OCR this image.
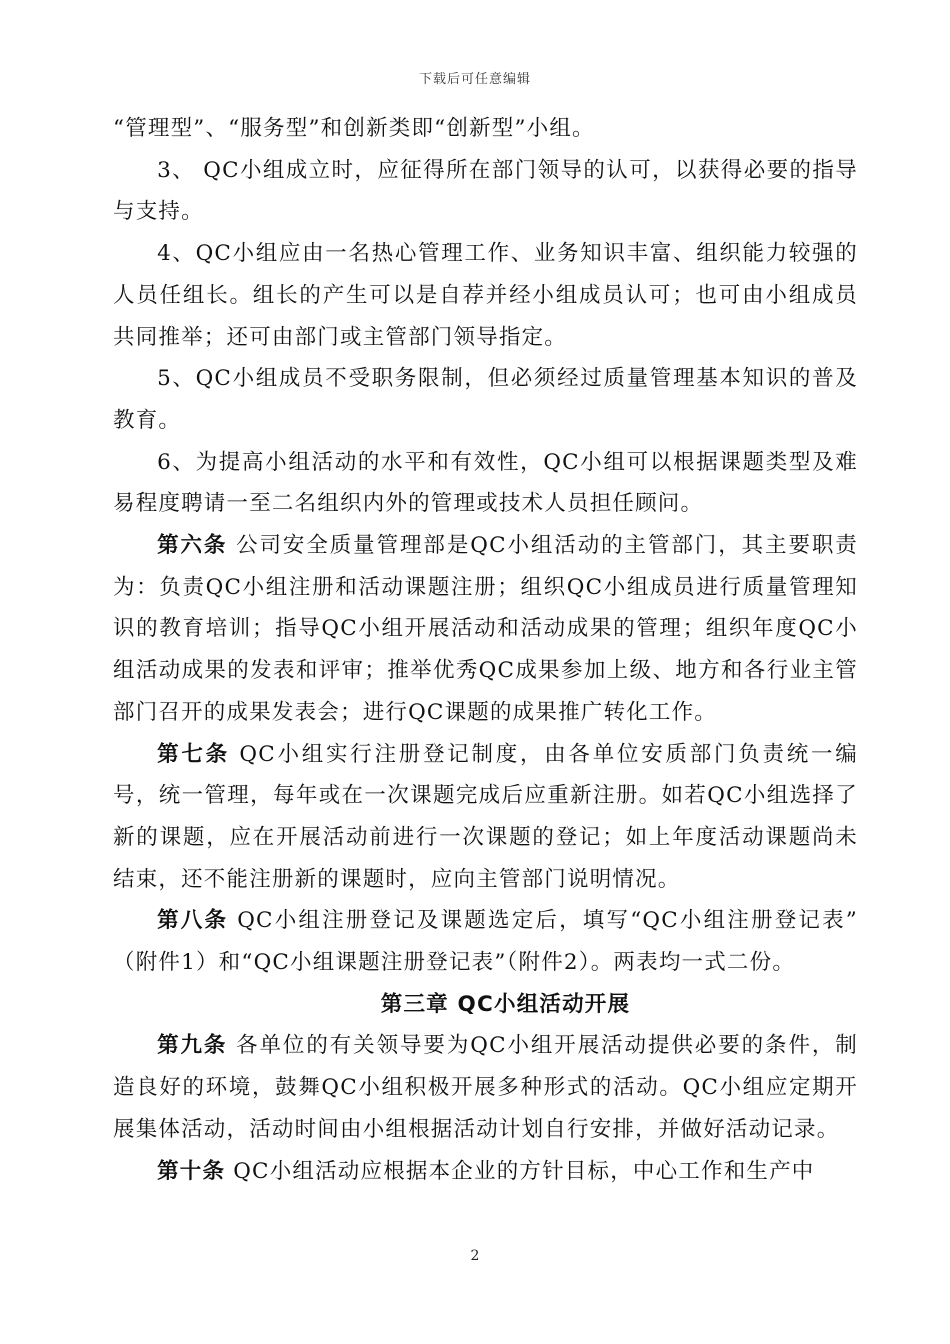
下载后可任意编辑

“管理型”、“服务型”和创新类即“创新型”小组。

3、 QC小组成立时，应征得所在部门领导的认可，以获得必要的指导与支持。

4、QC小组应由一名热心管理工作、业务知识丰富、组织能力较强的人员任组长。组长的产生可以是自荐并经小组成员认可；也可由小组成员共同推举；还可由部门或主管部门领导指定。

5、QC小组成员不受职务限制，但必须经过质量管理基本知识的普及教育。

6、为提高小组活动的水平和有效性，QC小组可以根据课题类型及难易程度聘请一至二名组织内外的管理或技术人员担任顾问。

第六条 公司安全质量管理部是QC小组活动的主管部门，其主要职责为：负责QC小组注册和活动课题注册；组织QC小组成员进行质量管理知识的教育培训；指导QC小组开展活动和活动成果的管理；组织年度QC小组活动成果的发表和评审；推举优秀QC成果参加上级、地方和各行业主管部门召开的成果发表会；进行QC课题的成果推广转化工作。

第七条 QC小组实行注册登记制度，由各单位安质部门负责统一编号，统一管理，每年或在一次课题完成后应重新注册。如若QC小组选择了新的课题，应在开展活动前进行一次课题的登记；如上年度活动课题尚未结束，还不能注册新的课题时，应向主管部门说明情况。

第八条 QC小组注册登记及课题选定后，填写“QC小组注册登记表” （附件1）和“QC小组课题注册登记表”（附件2）。两表均一式二份。

第三章 QC小组活动开展

第九条 各单位的有关领导要为QC小组开展活动提供必要的条件，制造良好的环境，鼓舞QC小组积极开展多种形式的活动。QC小组应定期开展集体活动，活动时间由小组根据活动计划自行安排，并做好活动记录。

第十条 QC小组活动应根据本企业的方针目标，中心工作和生产中

2
